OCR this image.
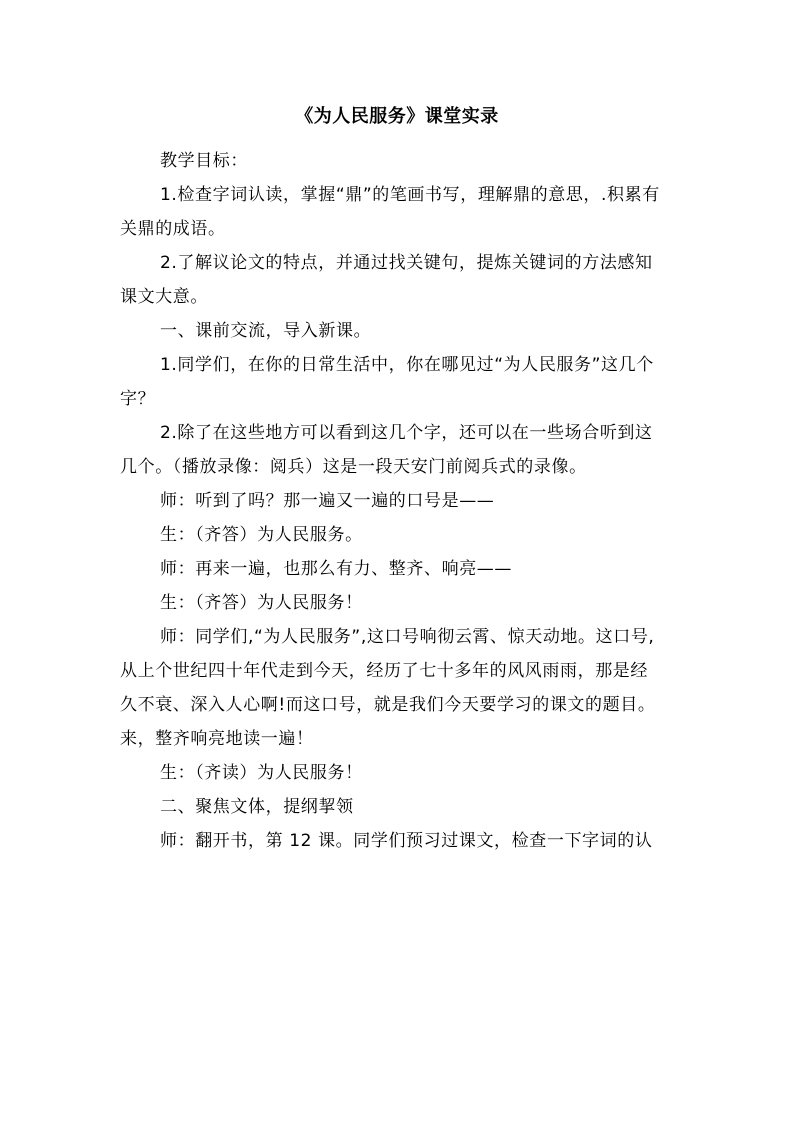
《为人民服务》课堂实录

教学目标：

1.检查字词认读，掌握“鼎”的笔画书写，理解鼎的意思，.积累有

关鼎的成语。

2.了解议论文的特点，并通过找关键句，提炼关键词的方法感知

课文大意。

一、课前交流，导入新课。

1.同学们，在你的日常生活中，你在哪见过“为人民服务”这几个

字？

2.除了在这些地方可以看到这几个字，还可以在一些场合听到这

几个。（播放录像：阅兵）这是一段天安门前阅兵式的录像。

师：听到了吗？那一遍又一遍的口号是——

生：（齐答）为人民服务。

师：再来一遍，也那么有力、整齐、响亮——

生：（齐答）为人民服务！

师：同学们,“为人民服务”,这口号响彻云霄、惊天动地。这口号,

从上个世纪四十年代走到今天，经历了七十多年的风风雨雨，那是经

久不衰、深入人心啊!而这口号，就是我们今天要学习的课文的题目。

来，整齐响亮地读一遍！

生：（齐读）为人民服务！

二、聚焦文体，提纲挈领

师：翻开书，第 12 课。同学们预习过课文，检查一下字词的认
